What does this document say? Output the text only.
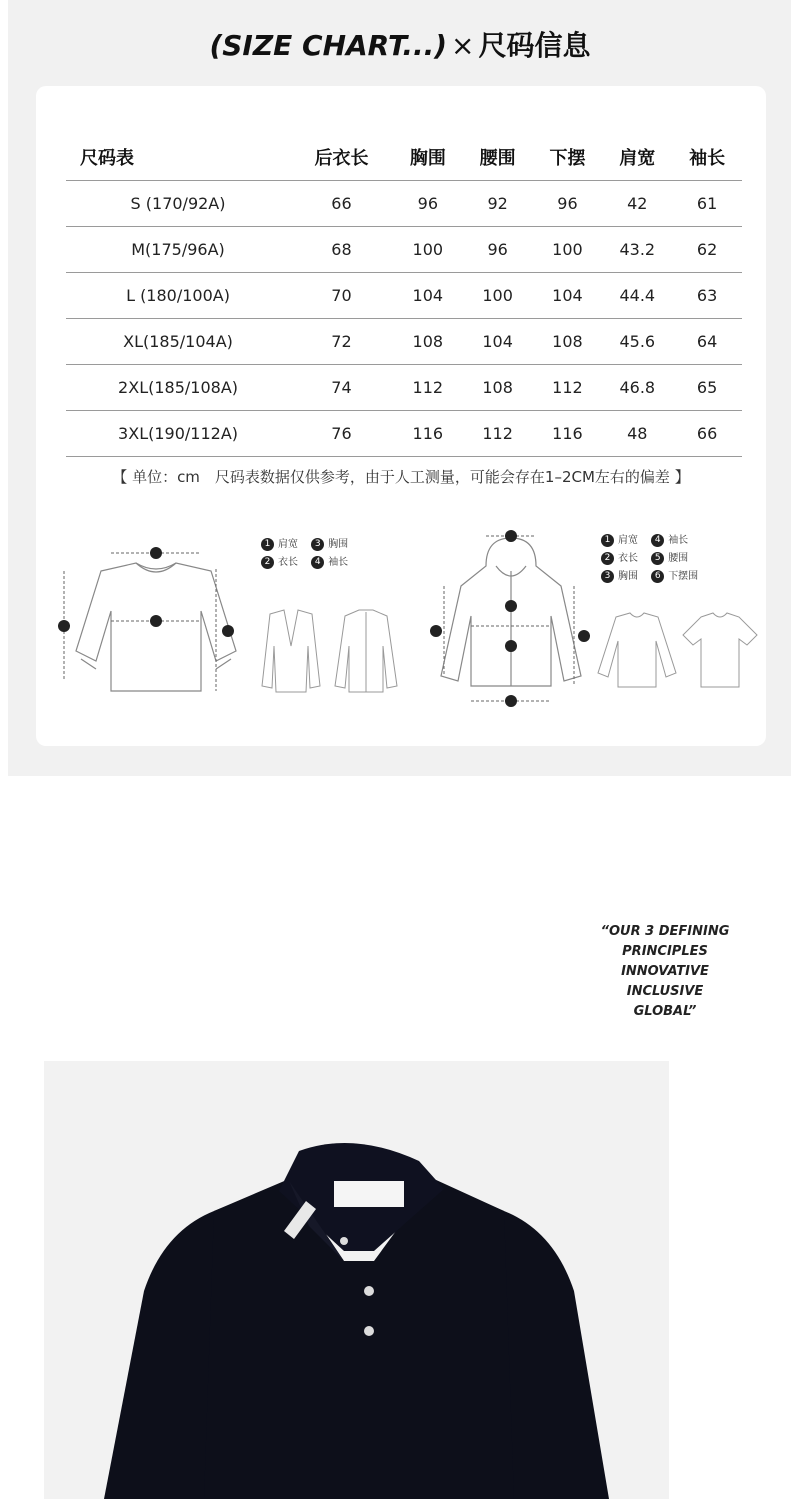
(SIZE CHART...) × 尺码信息
尺码表	后衣长	胸围	腰围	下摆	肩宽	袖长
S (170/92A)	66	96	92	96	42	61
M(175/96A)	68	100	96	100	43.2	62
L (180/100A)	70	104	100	104	44.4	63
XL(185/104A)	72	108	104	108	45.6	64
2XL(185/108A)	74	112	108	112	46.8	65
3XL(190/112A)	76	116	112	116	48	66
【 单位：cm　尺码表数据仅供参考，由于人工测量，可能会存在1–2CM左右的偏差 】
1 肩宽 3 胸围 2 衣长 4 袖长
1 肩宽 4 袖长 2 衣长 5 腰围 3 胸围 6 下摆围
“OUR 3 DEFINING PRINCIPLES
INNOVATIVE
INCLUSIVE
GLOBAL”
